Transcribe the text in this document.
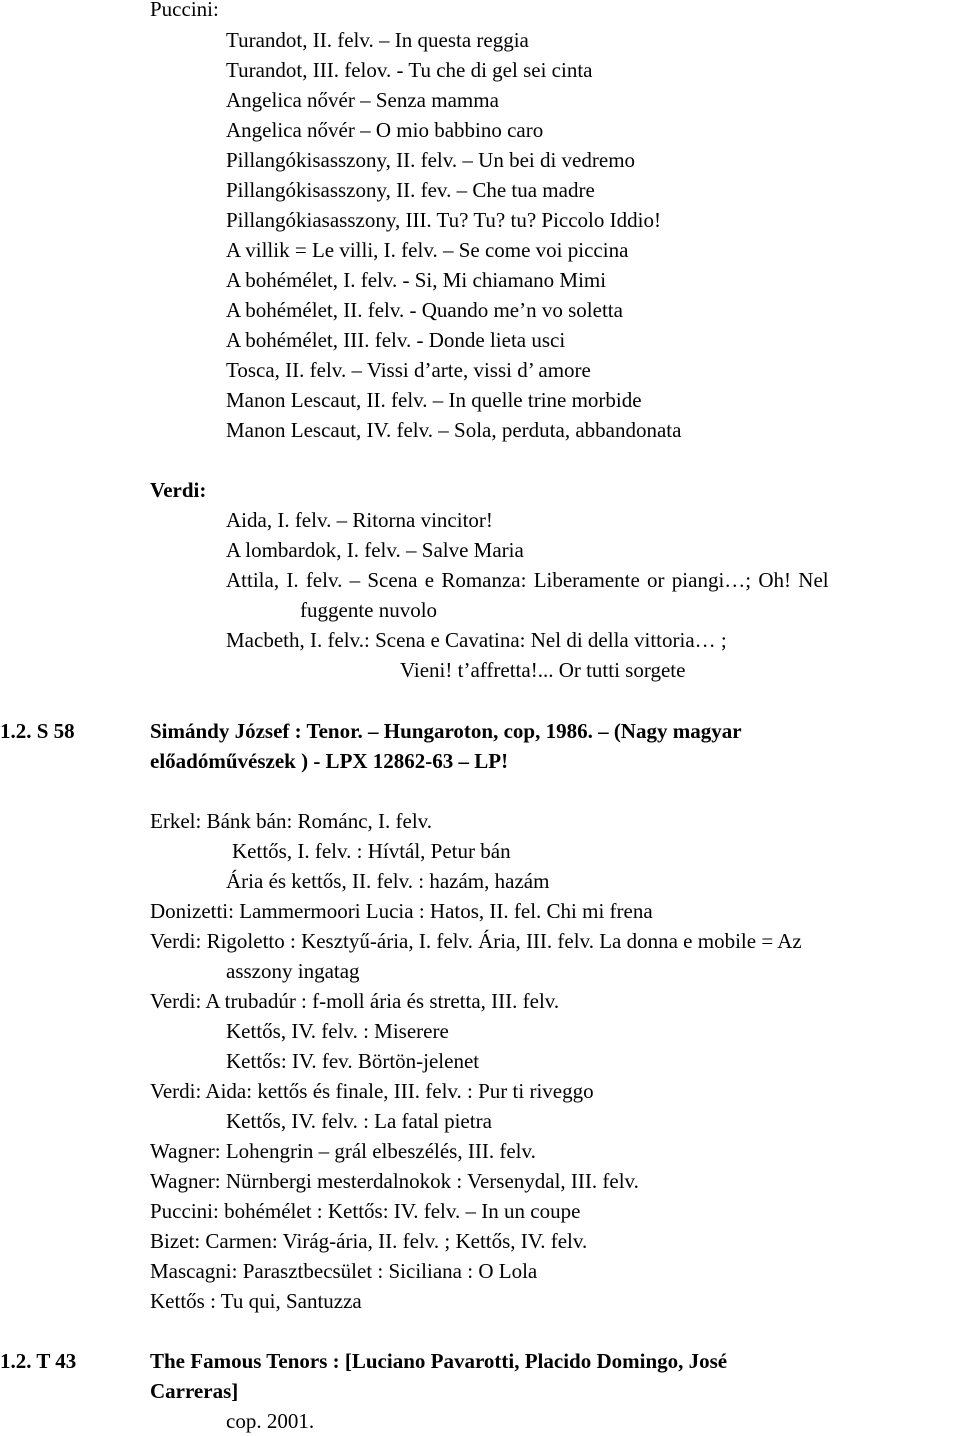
Puccini:
Turandot, II. felv. – In questa reggia
Turandot, III. felov. - Tu che di gel sei cinta
Angelica nővér – Senza mamma
Angelica nővér – O mio babbino caro
Pillangókisasszony, II. felv. – Un bei di vedremo
Pillangókisasszony, II. fev. – Che tua madre
Pillangókiasasszony, III. Tu? Tu? tu? Piccolo Iddio!
A villik = Le villi, I. felv. – Se come voi piccina
A bohémélet, I. felv. - Si, Mi chiamano Mimi
A bohémélet, II. felv. - Quando me’n vo soletta
A bohémélet, III. felv. - Donde lieta usci
Tosca, II. felv. – Vissi d’arte, vissi d’ amore
Manon Lescaut, II. felv. – In quelle trine morbide
Manon Lescaut, IV. felv. – Sola, perduta, abbandonata
Verdi:
Aida, I. felv. – Ritorna vincitor!
A lombardok, I. felv. – Salve Maria
Attila, I. felv. – Scena e Romanza: Liberamente or piangi…; Oh! Nel
fuggente nuvolo
Macbeth, I. felv.: Scena e Cavatina: Nel di della vittoria… ;
Vieni! t’affretta!... Or tutti sorgete
1.2. S 58	Simándy József : Tenor. – Hungaroton, cop, 1986. – (Nagy magyar
előadóművészek ) - LPX 12862-63 – LP!
Erkel: Bánk bán: Románc, I. felv.
Kettős, I. felv. : Hívtál, Petur bán
Ária és kettős, II. felv. : hazám, hazám
Donizetti: Lammermoori Lucia : Hatos, II. fel. Chi mi frena
Verdi: Rigoletto : Kesztyű-ária, I. felv. Ária, III. felv. La donna e mobile = Az
asszony ingatag
Verdi: A trubadúr : f-moll ária és stretta, III. felv.
Kettős, IV. felv. : Miserere
Kettős: IV. fev. Börtön-jelenet
Verdi: Aida: kettős és finale, III. felv. : Pur ti riveggo
Kettős, IV. felv. : La fatal pietra
Wagner: Lohengrin – grál elbeszélés, III. felv.
Wagner: Nürnbergi mesterdalnokok : Versenydal, III. felv.
Puccini: bohémélet : Kettős: IV. felv. – In un coupe
Bizet: Carmen: Virág-ária, II. felv. ; Kettős, IV. felv.
Mascagni: Parasztbecsület : Siciliana : O Lola
Kettős : Tu qui, Santuzza
1.2. T 43	The Famous Tenors : [Luciano Pavarotti, Placido Domingo, José
Carreras]
cop. 2001.
